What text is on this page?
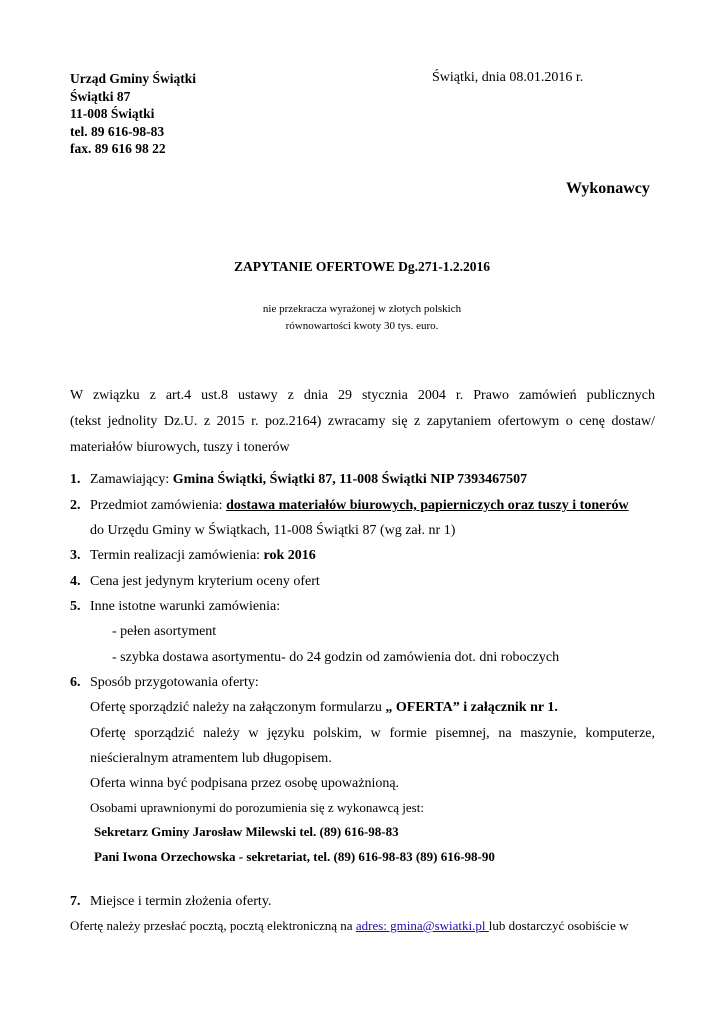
Urząd Gminy Świątki
Świątki 87
11-008 Świątki
tel. 89 616-98-83
fax. 89 616 98 22
Świątki, dnia 08.01.2016 r.
Wykonawcy
ZAPYTANIE OFERTOWE Dg.271-1.2.2016
nie przekracza wyrażonej w złotych polskich
równowartości kwoty 30 tys. euro.
W związku z art.4 ust.8 ustawy z dnia 29 stycznia 2004 r. Prawo zamówień publicznych
(tekst jednolity Dz.U. z 2015 r. poz.2164) zwracamy się z zapytaniem ofertowym o cenę dostaw/
materiałów biurowych, tuszy i tonerów
1. Zamawiający: Gmina Świątki, Świątki 87, 11-008 Świątki NIP 7393467507
2. Przedmiot zamówienia: dostawa materiałów biurowych, papierniczych oraz tuszy i tonerów
do Urzędu Gminy w Świątkach, 11-008 Świątki 87 (wg zał. nr 1)
3. Termin realizacji zamówienia: rok 2016
4. Cena jest jedynym kryterium oceny ofert
5. Inne istotne warunki zamówienia:
- pełen asortyment
- szybka dostawa asortymentu- do 24 godzin od zamówienia dot. dni roboczych
6. Sposób przygotowania oferty:
Ofertę sporządzić należy na załączonym formularzu „ OFERTA” i załącznik nr 1.
Ofertę sporządzić należy w języku polskim, w formie pisemnej, na maszynie, komputerze,
nieścieralnym atramentem lub długopisem.
Oferta winna być podpisana przez osobę upoważnioną.
Osobami uprawnionymi do porozumienia się z wykonawcą jest:
Sekretarz Gminy Jarosław Milewski tel. (89) 616-98-83
Pani Iwona Orzechowska - sekretariat, tel. (89) 616-98-83 (89) 616-98-90
7. Miejsce i termin złożenia oferty.
Ofertę należy przesłać pocztą, pocztą elektroniczną na adres: gmina@swiatki.pl lub dostarczyć osobiście w
